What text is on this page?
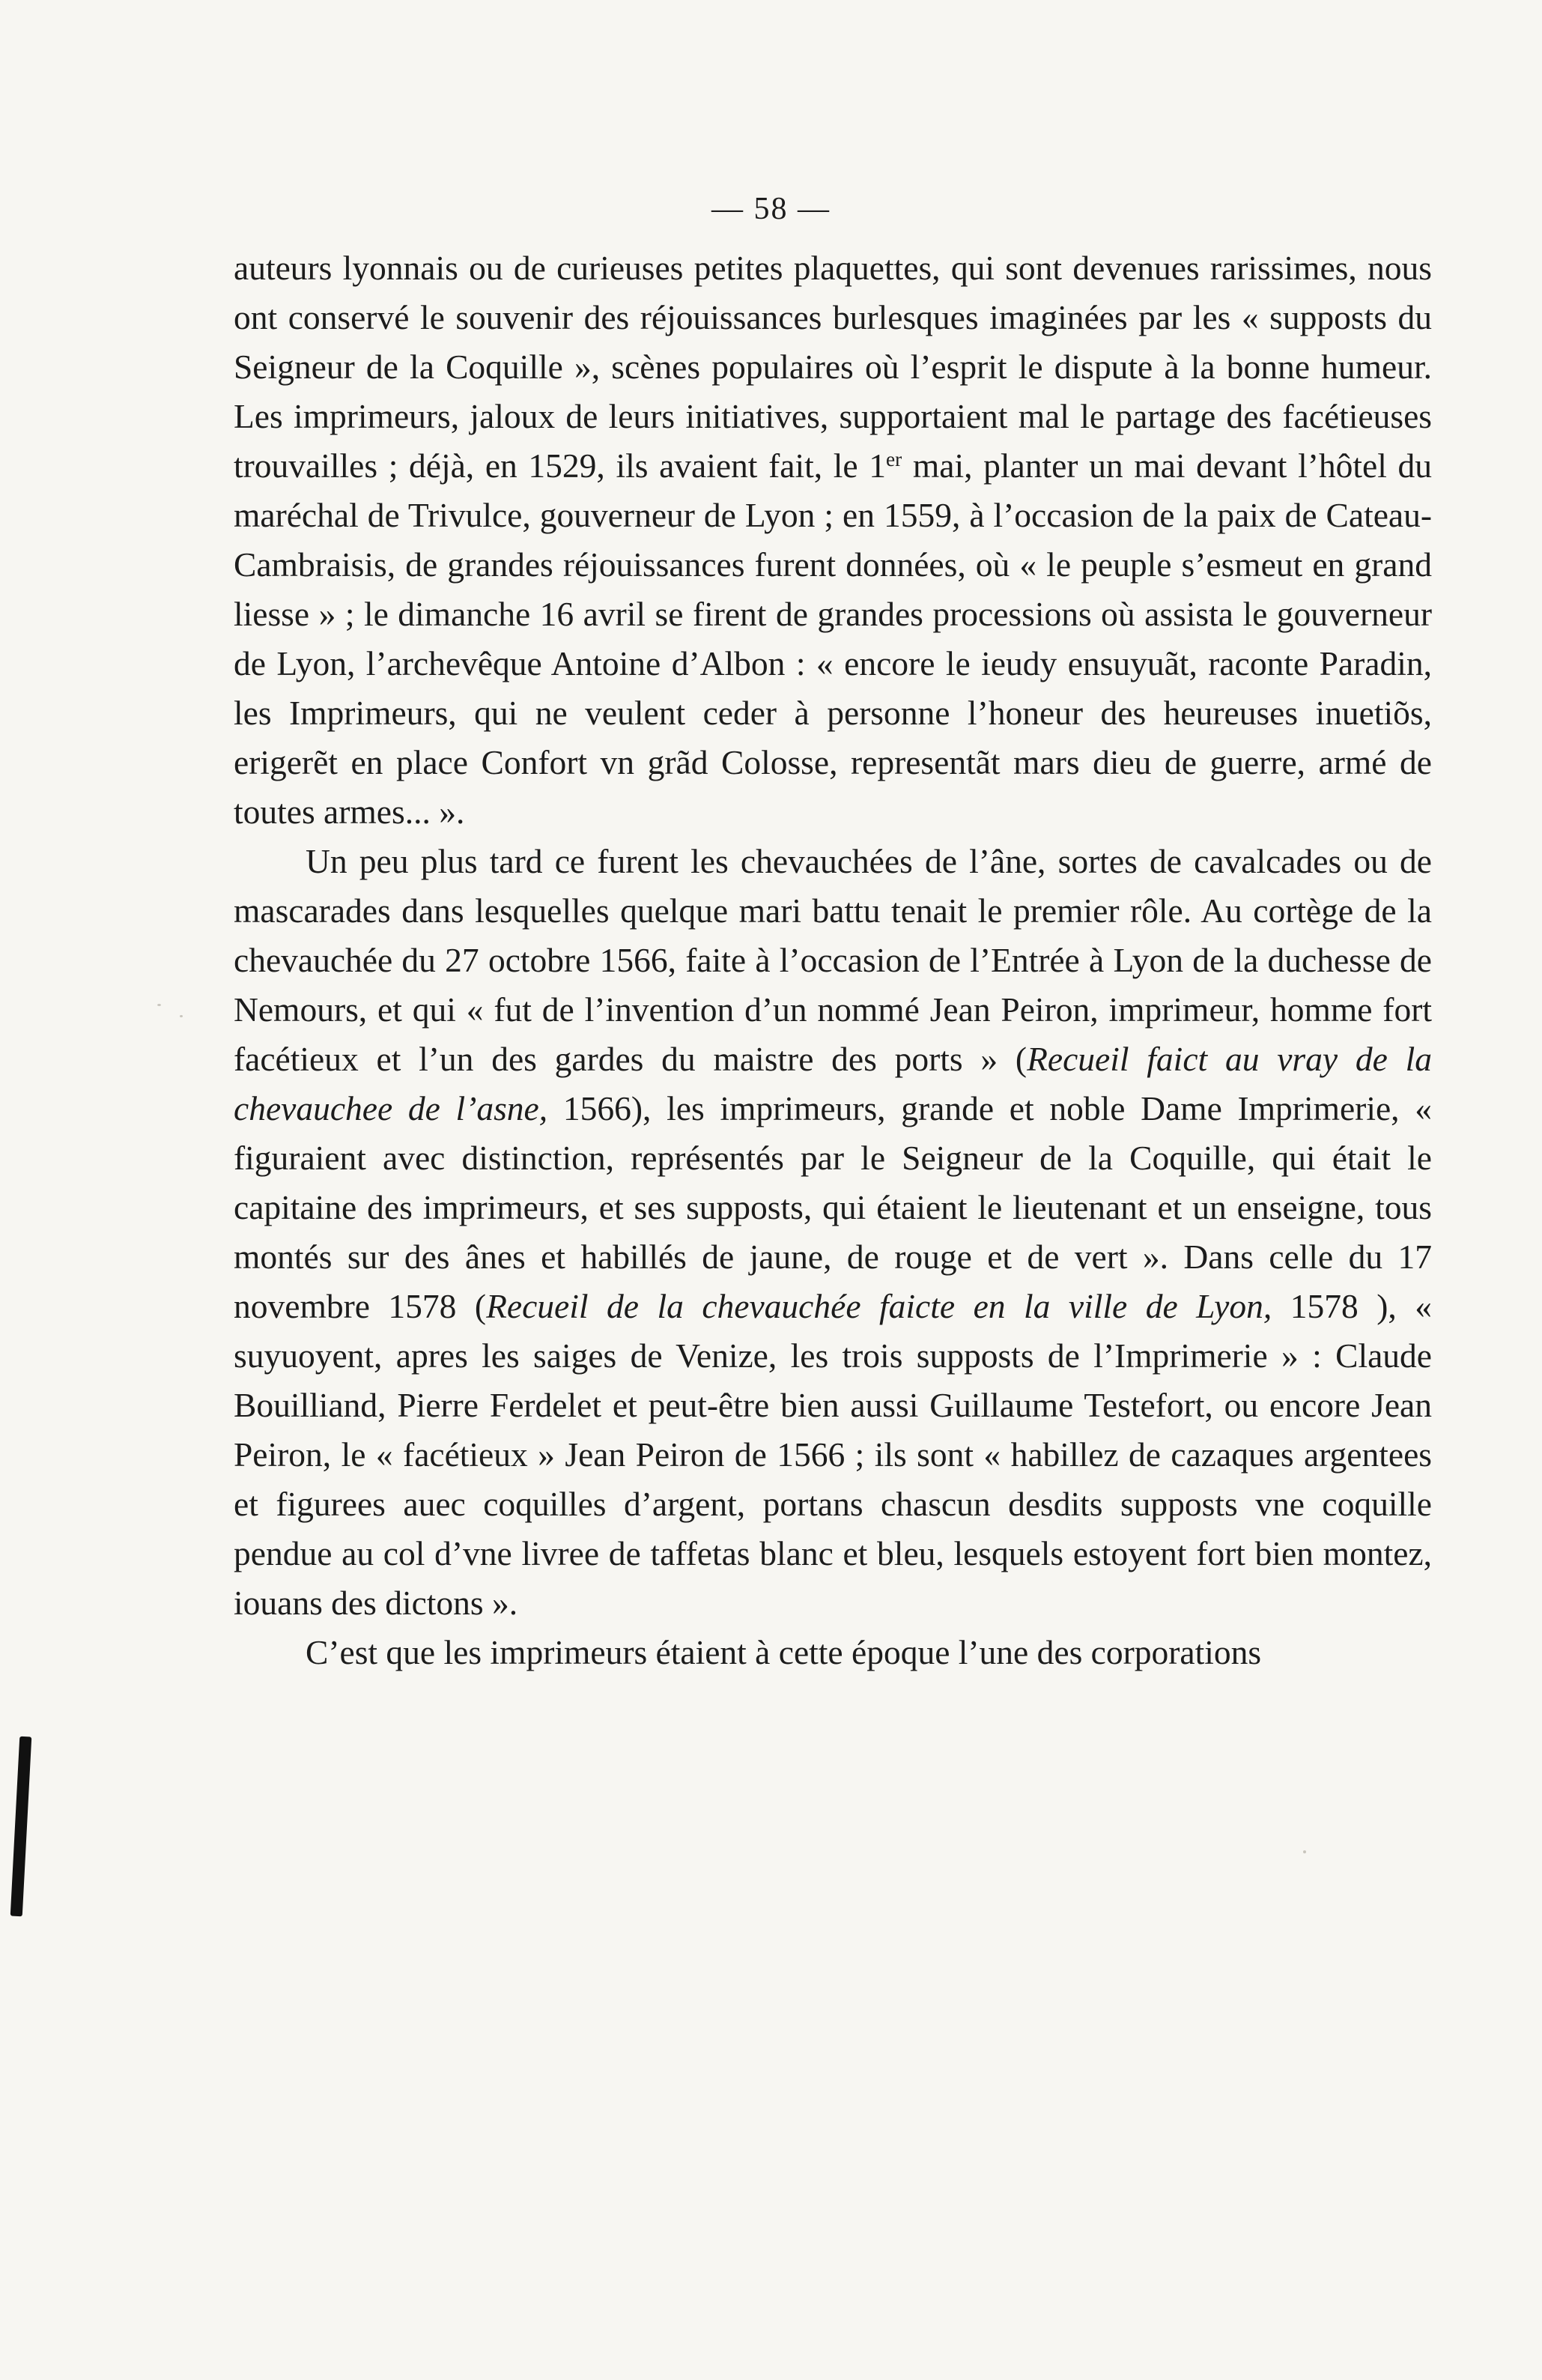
— 58 —

auteurs lyonnais ou de curieuses petites plaquettes, qui sont devenues rarissimes, nous ont conservé le souvenir des réjouissances burlesques imaginées par les « supposts du Seigneur de la Coquille », scènes populaires où l’esprit le dispute à la bonne humeur. Les imprimeurs, jaloux de leurs initiatives, supportaient mal le partage des facétieuses trouvailles ; déjà, en 1529, ils avaient fait, le 1er mai, planter un mai devant l’hôtel du maréchal de Trivulce, gouverneur de Lyon ; en 1559, à l’occasion de la paix de Cateau-Cambraisis, de grandes réjouissances furent données, où « le peuple s’esmeut en grand liesse » ; le dimanche 16 avril se firent de grandes processions où assista le gouverneur de Lyon, l’archevêque Antoine d’Albon : « encore le ieudy ensuyuãt, raconte Paradin, les Imprimeurs, qui ne veulent ceder à personne l’honeur des heureuses inuetiõs, erigerẽt en place Confort vn grãd Colosse, representãt mars dieu de guerre, armé de toutes armes... ».

Un peu plus tard ce furent les chevauchées de l’âne, sortes de cavalcades ou de mascarades dans lesquelles quelque mari battu tenait le premier rôle. Au cortège de la chevauchée du 27 octobre 1566, faite à l’occasion de l’Entrée à Lyon de la duchesse de Nemours, et qui « fut de l’invention d’un nommé Jean Peiron, imprimeur, homme fort facétieux et l’un des gardes du maistre des ports » (Recueil faict au vray de la chevauchee de l’asne, 1566), les imprimeurs, grande et noble Dame Imprimerie, « figuraient avec distinction, représentés par le Seigneur de la Coquille, qui était le capitaine des imprimeurs, et ses supposts, qui étaient le lieutenant et un enseigne, tous montés sur des ânes et habillés de jaune, de rouge et de vert ». Dans celle du 17 novembre 1578 (Recueil de la chevauchée faicte en la ville de Lyon, 1578 ), « suyuoyent, apres les saiges de Venize, les trois supposts de l’Imprimerie » : Claude Bouilliand, Pierre Ferdelet et peut-être bien aussi Guillaume Testefort, ou encore Jean Peiron, le « facétieux » Jean Peiron de 1566 ; ils sont « habillez de cazaques argentees et figurees auec coquilles d’argent, portans chascun desdits supposts vne coquille pendue au col d’vne livree de taffetas blanc et bleu, lesquels estoyent fort bien montez, iouans des dictons ».

C’est que les imprimeurs étaient à cette époque l’une des corporations
